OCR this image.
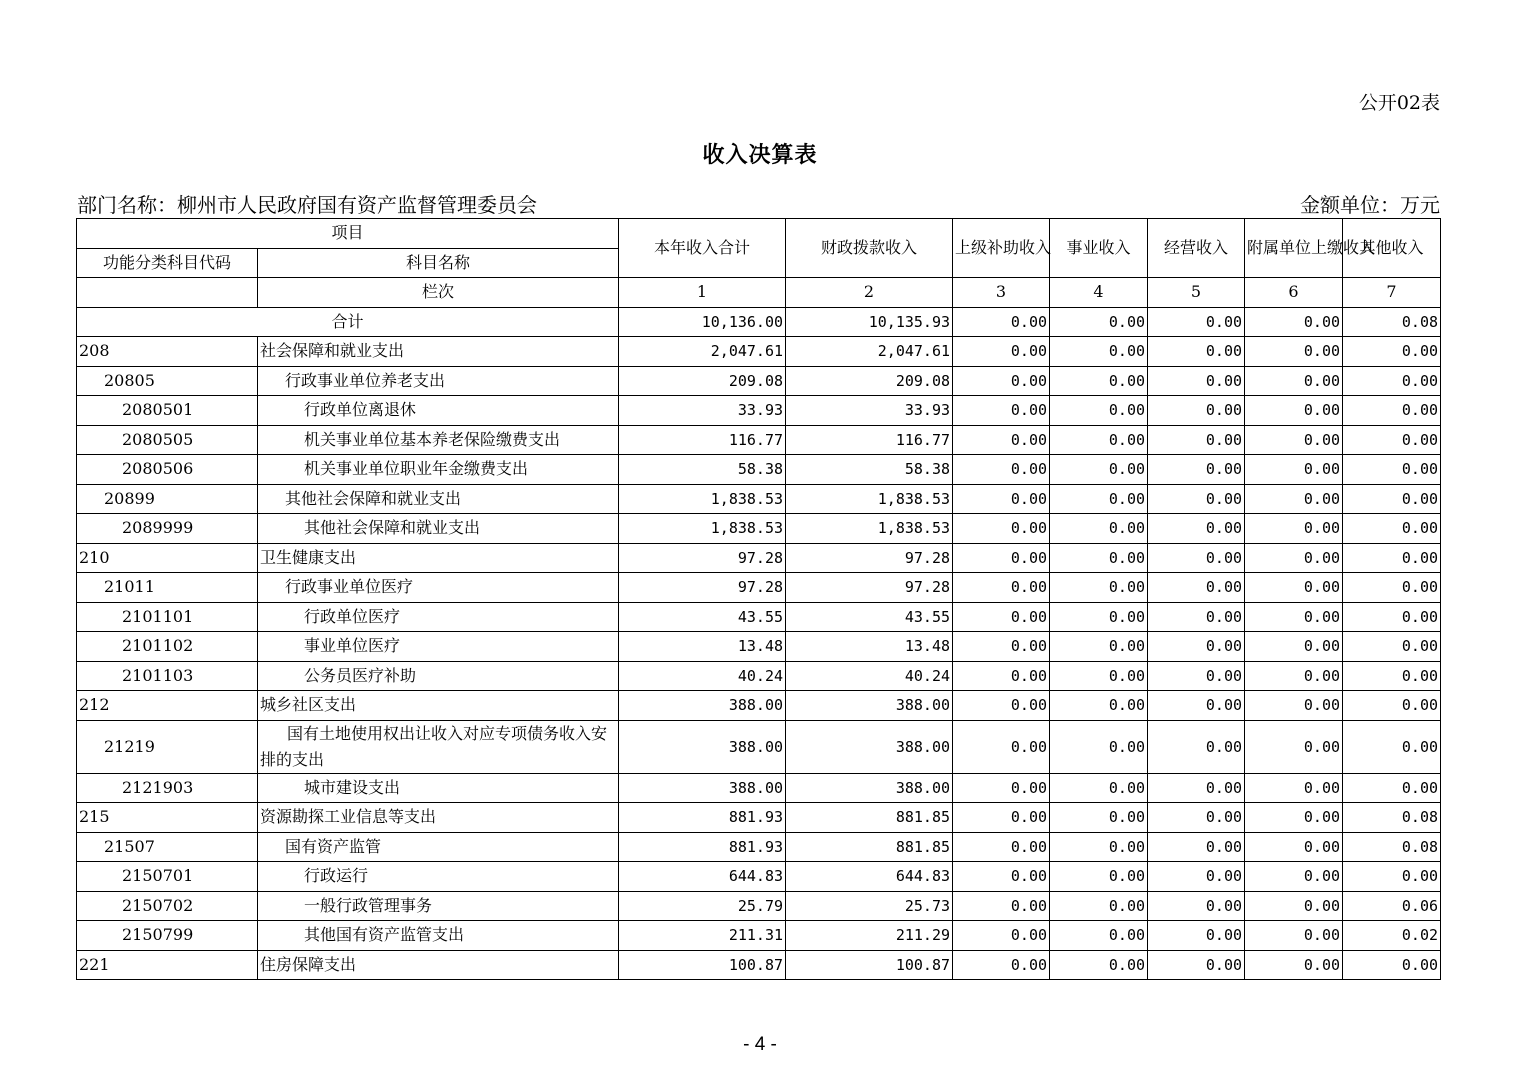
公开02表
收入决算表
部门名称：柳州市人民政府国有资产监督管理委员会	金额单位：万元
项目		本年收入合计	财政拨款收入	上级补助收入	事业收入	经营收入	附属单位上缴收入	其他收入
功能分类科目代码	科目名称							
	栏次	1	2	3	4	5	6	7
合计		10,136.00	10,135.93	0.00	0.00	0.00	0.00	0.08
208	社会保障和就业支出	2,047.61	2,047.61	0.00	0.00	0.00	0.00	0.00
20805	行政事业单位养老支出	209.08	209.08	0.00	0.00	0.00	0.00	0.00
2080501	行政单位离退休	33.93	33.93	0.00	0.00	0.00	0.00	0.00
2080505	机关事业单位基本养老保险缴费支出	116.77	116.77	0.00	0.00	0.00	0.00	0.00
2080506	机关事业单位职业年金缴费支出	58.38	58.38	0.00	0.00	0.00	0.00	0.00
20899	其他社会保障和就业支出	1,838.53	1,838.53	0.00	0.00	0.00	0.00	0.00
2089999	其他社会保障和就业支出	1,838.53	1,838.53	0.00	0.00	0.00	0.00	0.00
210	卫生健康支出	97.28	97.28	0.00	0.00	0.00	0.00	0.00
21011	行政事业单位医疗	97.28	97.28	0.00	0.00	0.00	0.00	0.00
2101101	行政单位医疗	43.55	43.55	0.00	0.00	0.00	0.00	0.00
2101102	事业单位医疗	13.48	13.48	0.00	0.00	0.00	0.00	0.00
2101103	公务员医疗补助	40.24	40.24	0.00	0.00	0.00	0.00	0.00
212	城乡社区支出	388.00	388.00	0.00	0.00	0.00	0.00	0.00
21219	国有土地使用权出让收入对应专项债务收入安排的支出	388.00	388.00	0.00	0.00	0.00	0.00	0.00
2121903	城市建设支出	388.00	388.00	0.00	0.00	0.00	0.00	0.00
215	资源勘探工业信息等支出	881.93	881.85	0.00	0.00	0.00	0.00	0.08
21507	国有资产监管	881.93	881.85	0.00	0.00	0.00	0.00	0.08
2150701	行政运行	644.83	644.83	0.00	0.00	0.00	0.00	0.00
2150702	一般行政管理事务	25.79	25.73	0.00	0.00	0.00	0.00	0.06
2150799	其他国有资产监管支出	211.31	211.29	0.00	0.00	0.00	0.00	0.02
221	住房保障支出	100.87	100.87	0.00	0.00	0.00	0.00	0.00
- 4 -
